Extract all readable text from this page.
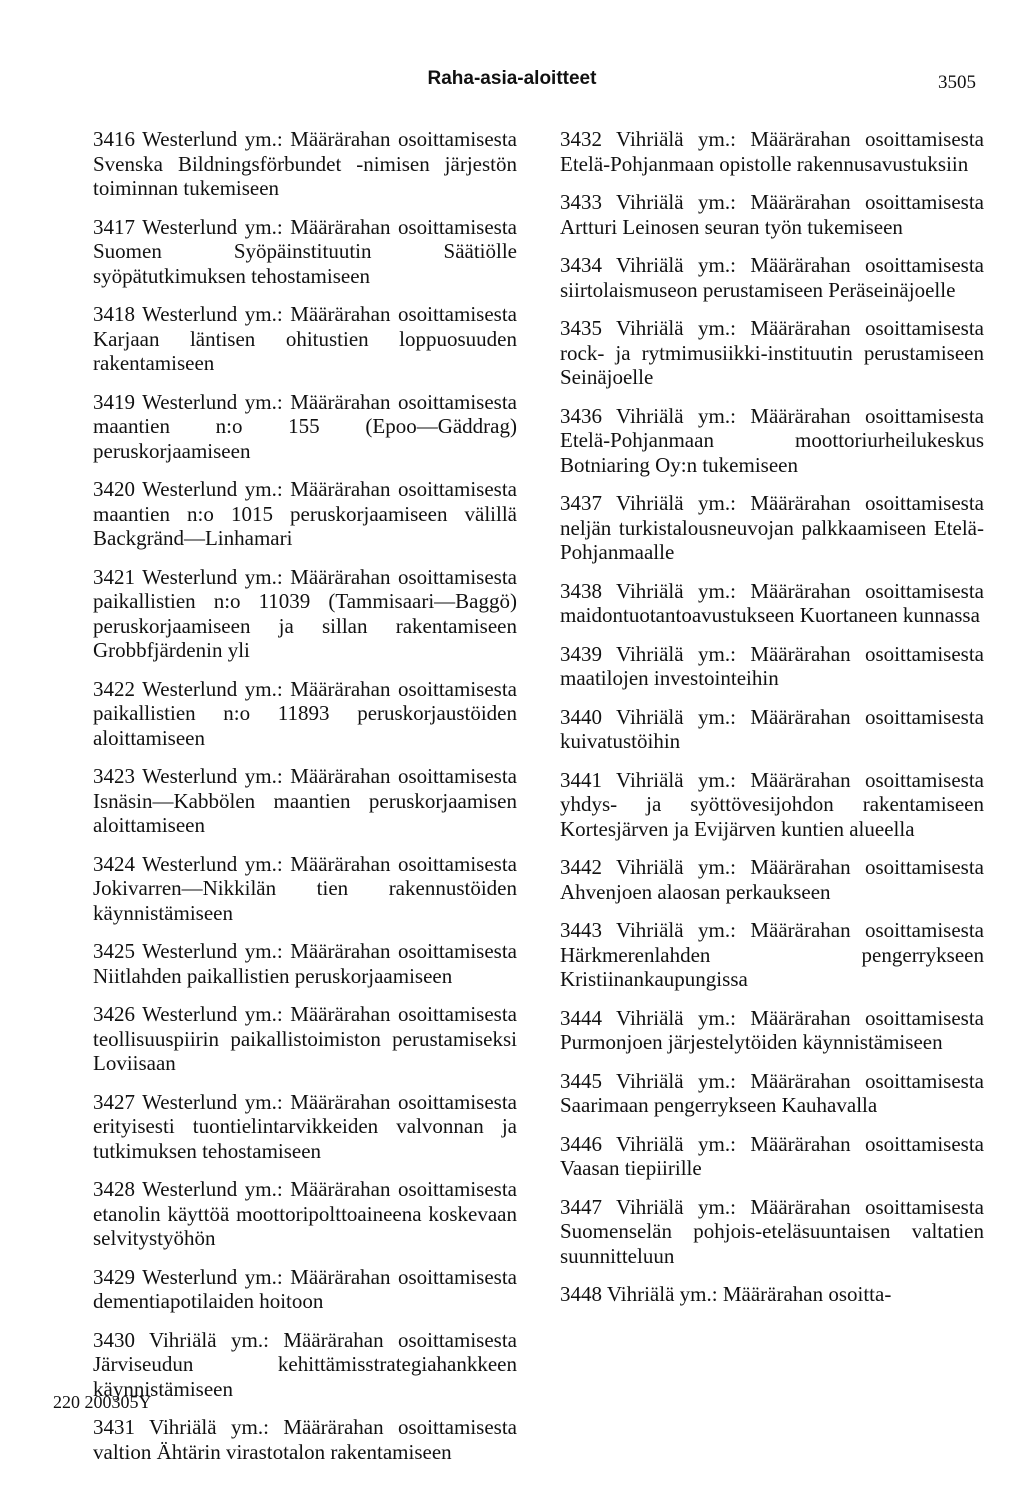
Raha-asia-aloitteet	3505

3416 Westerlund ym.: Määrärahan osoittamisesta Svenska Bildningsförbundet -nimisen järjestön toiminnan tukemiseen

3417 Westerlund ym.: Määrärahan osoittamisesta Suomen Syöpäinstituutin Säätiölle syöpätutkimuksen tehostamiseen

3418 Westerlund ym.: Määrärahan osoittamisesta Karjaan läntisen ohitustien loppuosuuden rakentamiseen

3419 Westerlund ym.: Määrärahan osoittamisesta maantien n:o 155 (Epoo—Gäddrag) peruskorjaamiseen

3420 Westerlund ym.: Määrärahan osoittamisesta maantien n:o 1015 peruskorjaamiseen välillä Backgränd—Linhamari

3421 Westerlund ym.: Määrärahan osoittamisesta paikallistien n:o 11039 (Tammisaari—Baggö) peruskorjaamiseen ja sillan rakentamiseen Grobbfjärdenin yli

3422 Westerlund ym.: Määrärahan osoittamisesta paikallistien n:o 11893 peruskorjaustöiden aloittamiseen

3423 Westerlund ym.: Määrärahan osoittamisesta Isnäsin—Kabbölen maantien peruskorjaamisen aloittamiseen

3424 Westerlund ym.: Määrärahan osoittamisesta Jokivarren—Nikkilän tien rakennustöiden käynnistämiseen

3425 Westerlund ym.: Määrärahan osoittamisesta Niitlahden paikallistien peruskorjaamiseen

3426 Westerlund ym.: Määrärahan osoittamisesta teollisuuspiirin paikallistoimiston perustamiseksi Loviisaan

3427 Westerlund ym.: Määrärahan osoittamisesta erityisesti tuontielintarvikkeiden valvonnan ja tutkimuksen tehostamiseen

3428 Westerlund ym.: Määrärahan osoittamisesta etanolin käyttöä moottoripolttoaineena koskevaan selvitystyöhön

3429 Westerlund ym.: Määrärahan osoittamisesta dementiapotilaiden hoitoon

3430 Vihriälä ym.: Määrärahan osoittamisesta Järviseudun kehittämisstrategiahankkeen käynnistämiseen

3431 Vihriälä ym.: Määrärahan osoittamisesta valtion Ähtärin virastotalon rakentamiseen

3432 Vihriälä ym.: Määrärahan osoittamisesta Etelä-Pohjanmaan opistolle rakennusavustuksiin

3433 Vihriälä ym.: Määrärahan osoittamisesta Artturi Leinosen seuran työn tukemiseen

3434 Vihriälä ym.: Määrärahan osoittamisesta siirtolaismuseon perustamiseen Peräseinäjoelle

3435 Vihriälä ym.: Määrärahan osoittamisesta rock- ja rytmimusiikki-instituutin perustamiseen Seinäjoelle

3436 Vihriälä ym.: Määrärahan osoittamisesta Etelä-Pohjanmaan moottoriurheilukeskus Botniaring Oy:n tukemiseen

3437 Vihriälä ym.: Määrärahan osoittamisesta neljän turkistalousneuvojan palkkaamiseen Etelä-Pohjanmaalle

3438 Vihriälä ym.: Määrärahan osoittamisesta maidontuotantoavustukseen Kuortaneen kunnassa

3439 Vihriälä ym.: Määrärahan osoittamisesta maatilojen investointeihin

3440 Vihriälä ym.: Määrärahan osoittamisesta kuivatustöihin

3441 Vihriälä ym.: Määrärahan osoittamisesta yhdys- ja syöttövesijohdon rakentamiseen Kortesjärven ja Evijärven kuntien alueella

3442 Vihriälä ym.: Määrärahan osoittamisesta Ahvenjoen alaosan perkaukseen

3443 Vihriälä ym.: Määrärahan osoittamisesta Härkmerenlahden pengerrykseen Kristiinankaupungissa

3444 Vihriälä ym.: Määrärahan osoittamisesta Purmonjoen järjestelytöiden käynnistämiseen

3445 Vihriälä ym.: Määrärahan osoittamisesta Saarimaan pengerrykseen Kauhavalla

3446 Vihriälä ym.: Määrärahan osoittamisesta Vaasan tiepiirille

3447 Vihriälä ym.: Määrärahan osoittamisesta Suomenselän pohjois-eteläsuuntaisen valtatien suunnitteluun

3448 Vihriälä ym.: Määrärahan osoitta-

220 200305Y
